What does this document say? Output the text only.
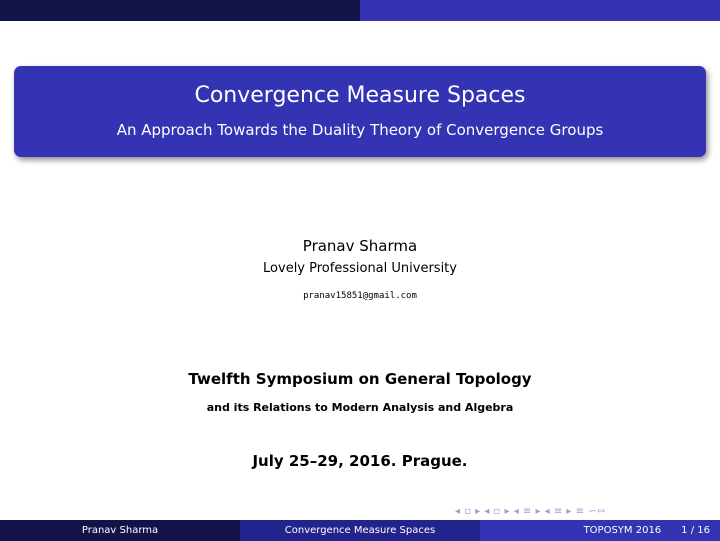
Convergence Measure Spaces
An Approach Towards the Duality Theory of Convergence Groups
Pranav Sharma
Lovely Professional University
pranav15851@gmail.com
Twelfth Symposium on General Topology
and its Relations to Modern Analysis and Algebra
July 25–29, 2016. Prague.
◂ ▫ ▸ ◂ ▫ ▸ ◂ ≡ ▸ ◂ ≡ ▸ ≡ ∽∾
Pranav Sharma	Convergence Measure Spaces	TOPOSYM 2016 1 / 16
